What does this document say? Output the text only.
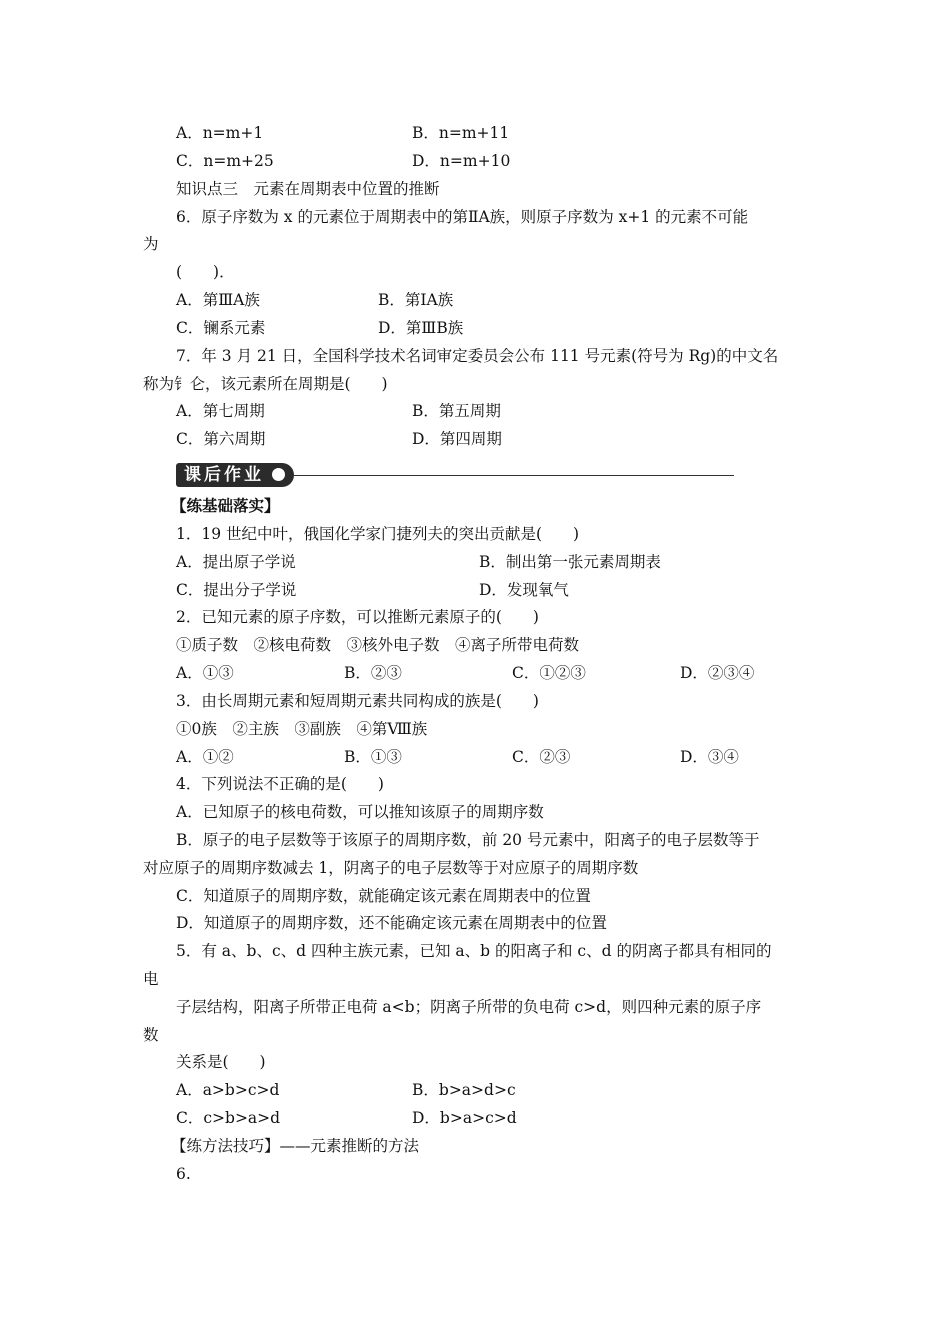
A．n=m+1	B．n=m+11
C．n=m+25	D．n=m+10
知识点三　元素在周期表中位置的推断
6．原子序数为 x 的元素位于周期表中的第ⅡA族，则原子序数为 x+1 的元素不可能
为
(　　)．
A．第ⅢA族	B．第ⅠA族
C．镧系元素	D．第ⅢB族
7．年 3 月 21 日，全国科学技术名词审定委员会公布 111 号元素(符号为 Rg)的中文名
称为钅仑，该元素所在周期是(　　)
A．第七周期	B．第五周期
C．第六周期	D．第四周期
课后作业
【练基础落实】
1．19 世纪中叶，俄国化学家门捷列夫的突出贡献是(　　)
A．提出原子学说	B．制出第一张元素周期表
C．提出分子学说	D．发现氧气
2．已知元素的原子序数，可以推断元素原子的(　　)
①质子数　②核电荷数　③核外电子数　④离子所带电荷数
A．①③	B．②③	C．①②③	D．②③④
3．由长周期元素和短周期元素共同构成的族是(　　)
①0族　②主族　③副族　④第Ⅷ族
A．①②	B．①③	C．②③	D．③④
4．下列说法不正确的是(　　)
A．已知原子的核电荷数，可以推知该原子的周期序数
B．原子的电子层数等于该原子的周期序数，前 20 号元素中，阳离子的电子层数等于
对应原子的周期序数减去 1，阴离子的电子层数等于对应原子的周期序数
C．知道原子的周期序数，就能确定该元素在周期表中的位置
D．知道原子的周期序数，还不能确定该元素在周期表中的位置
5．有 a、b、c、d 四种主族元素，已知 a、b 的阳离子和 c、d 的阴离子都具有相同的
电
子层结构，阳离子所带正电荷 a<b；阴离子所带的负电荷 c>d，则四种元素的原子序
数
关系是(　　)
A．a>b>c>d	B．b>a>d>c
C．c>b>a>d	D．b>a>c>d
【练方法技巧】——元素推断的方法
6.
